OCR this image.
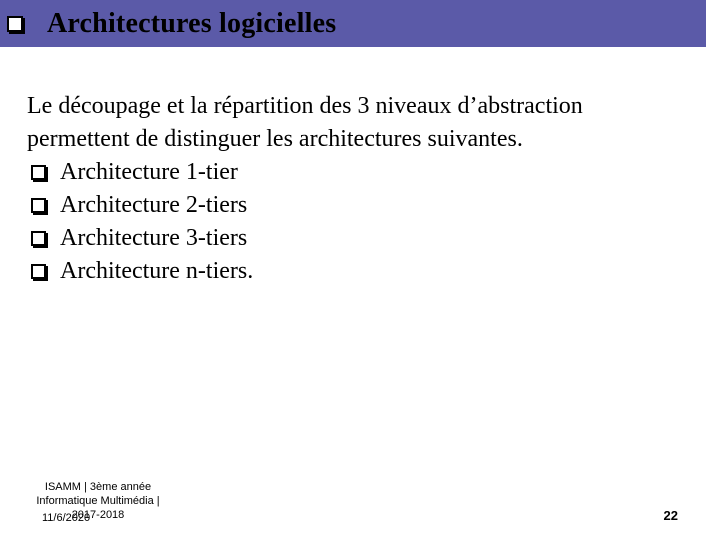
Architectures logicielles
Le découpage et la répartition des 3 niveaux d’abstraction
permettent de distinguer les architectures suivantes.
Architecture 1-tier
Architecture 2-tiers
Architecture 3-tiers
Architecture n-tiers.
ISAMM | 3ème année
Informatique Multimédia |
2017-2018
11/6/2020	22
